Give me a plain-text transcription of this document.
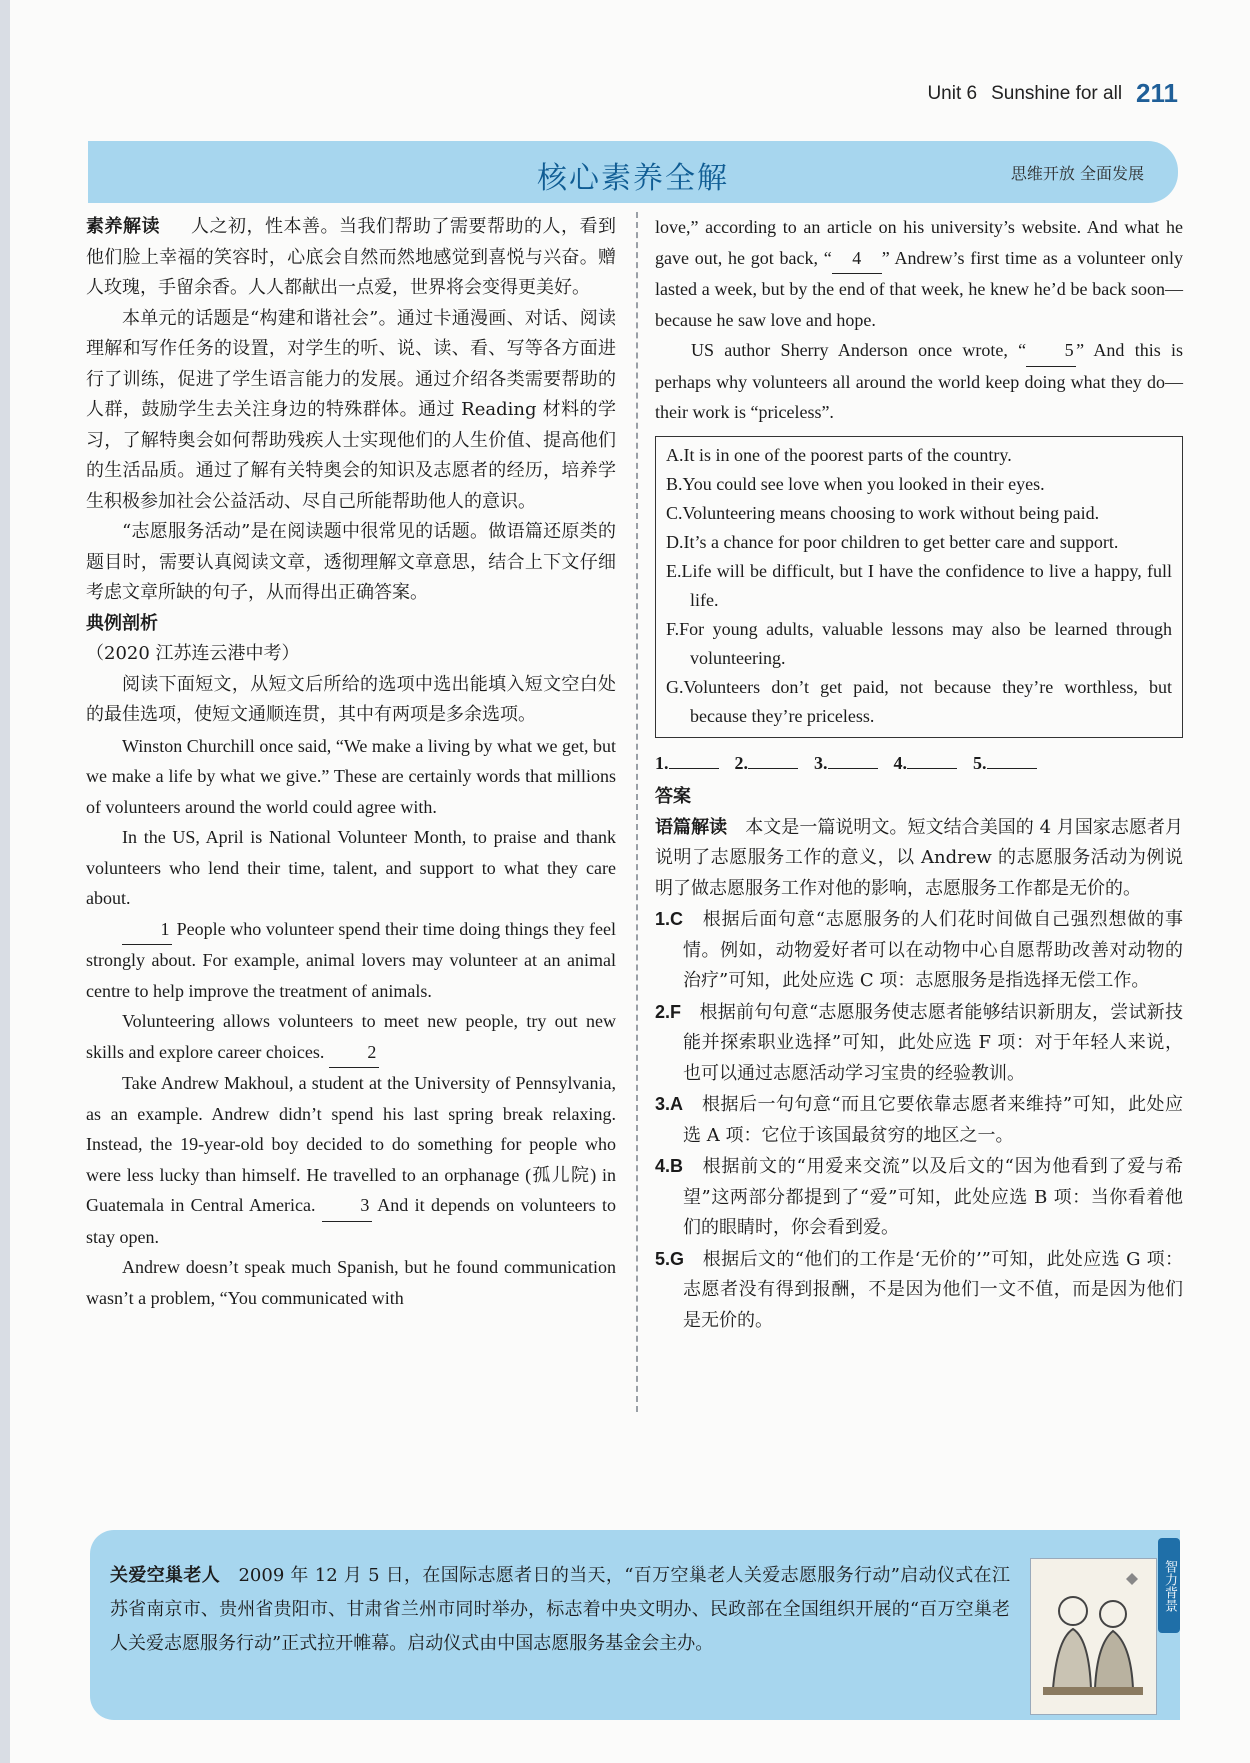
Unit 6 Sunshine for all 211
核心素养全解	思维开放 全面发展

素养解读 　 人之初，性本善。当我们帮助了需要帮助的人，看到他们脸上幸福的笑容时，心底会自然而然地感觉到喜悦与兴奋。赠人玫瑰，手留余香。人人都献出一点爱，世界将会变得更美好。

本单元的话题是“构建和谐社会”。通过卡通漫画、对话、阅读理解和写作任务的设置，对学生的听、说、读、看、写等各方面进行了训练，促进了学生语言能力的发展。通过介绍各类需要帮助的人群，鼓励学生去关注身边的特殊群体。通过 Reading 材料的学习，了解特奥会如何帮助残疾人士实现他们的人生价值、提高他们的生活品质。通过了解有关特奥会的知识及志愿者的经历，培养学生积极参加社会公益活动、尽自己所能帮助他人的意识。

“志愿服务活动”是在阅读题中很常见的话题。做语篇还原类的题目时，需要认真阅读文章，透彻理解文章意思，结合上下文仔细考虑文章所缺的句子，从而得出正确答案。

典例剖析

（2020 江苏连云港中考）

阅读下面短文，从短文后所给的选项中选出能填入短文空白处的最佳选项，使短文通顺连贯，其中有两项是多余选项。

Winston Churchill once said, “We make a living by what we get, but we make a life by what we give.” These are certainly words that millions of volunteers around the world could agree with.

In the US, April is National Volunteer Month, to praise and thank volunteers who lend their time, talent, and support to what they care about.

1 People who volunteer spend their time doing things they feel strongly about. For example, animal lovers may volunteer at an animal centre to help improve the treatment of animals.

Volunteering allows volunteers to meet new people, try out new skills and explore career choices. 2

Take Andrew Makhoul, a student at the University of Pennsylvania, as an example. Andrew didn’t spend his last spring break relaxing. Instead, the 19-year-old boy decided to do something for people who were less lucky than himself. He travelled to an orphanage (孤儿院) in Guatemala in Central America. 3 And it depends on volunteers to stay open.

Andrew doesn’t speak much Spanish, but he found communication wasn’t a problem, “You communicated with

love,” according to an article on his university’s website. And what he gave out, he got back, “ 4 ” Andrew’s first time as a volunteer only lasted a week, but by the end of that week, he knew he’d be back soon—because he saw love and hope.

US author Sherry Anderson once wrote, “ 5 ” And this is perhaps why volunteers all around the world keep doing what they do—their work is “priceless”.

A.It is in one of the poorest parts of the country.

B.You could see love when you looked in their eyes.

C.Volunteering means choosing to work without being paid.

D.It’s a chance for poor children to get better care and support.

E.Life will be difficult, but I have the confidence to live a happy, full life.

F.For young adults, valuable lessons may also be learned through volunteering.

G.Volunteers don’t get paid, not because they’re worthless, but because they’re priceless.

1.	2.	3.	4.	5.

答案

语篇解读　 本文是一篇说明文。短文结合美国的 4 月国家志愿者月说明了志愿服务工作的意义，以 Andrew 的志愿服务活动为例说明了做志愿服务工作对他的影响，志愿服务工作都是无价的。

1.C　 根据后面句意“志愿服务的人们花时间做自己强烈想做的事情。例如，动物爱好者可以在动物中心自愿帮助改善对动物的治疗”可知，此处应选 C 项：志愿服务是指选择无偿工作。

2.F　 根据前句句意“志愿服务使志愿者能够结识新朋友，尝试新技能并探索职业选择”可知，此处应选 F 项：对于年轻人来说，也可以通过志愿活动学习宝贵的经验教训。

3.A　 根据后一句句意“而且它要依靠志愿者来维持”可知，此处应选 A 项：它位于该国最贫穷的地区之一。

4.B　 根据前文的“用爱来交流”以及后文的“因为他看到了爱与希望”这两部分都提到了“爱”可知，此处应选 B 项：当你看着他们的眼睛时，你会看到爱。

5.G　 根据后文的“他们的工作是‘无价的’”可知，此处应选 G 项：志愿者没有得到报酬，不是因为他们一文不值，而是因为他们是无价的。

关爱空巢老人　 2009 年 12 月 5 日，在国际志愿者日的当天，“百万空巢老人关爱志愿服务行动”启动仪式在江苏省南京市、贵州省贵阳市、甘肃省兰州市同时举办，标志着中央文明办、民政部在全国组织开展的“百万空巢老人关爱志愿服务行动”正式拉开帷幕。启动仪式由中国志愿服务基金会主办。

智力背景
